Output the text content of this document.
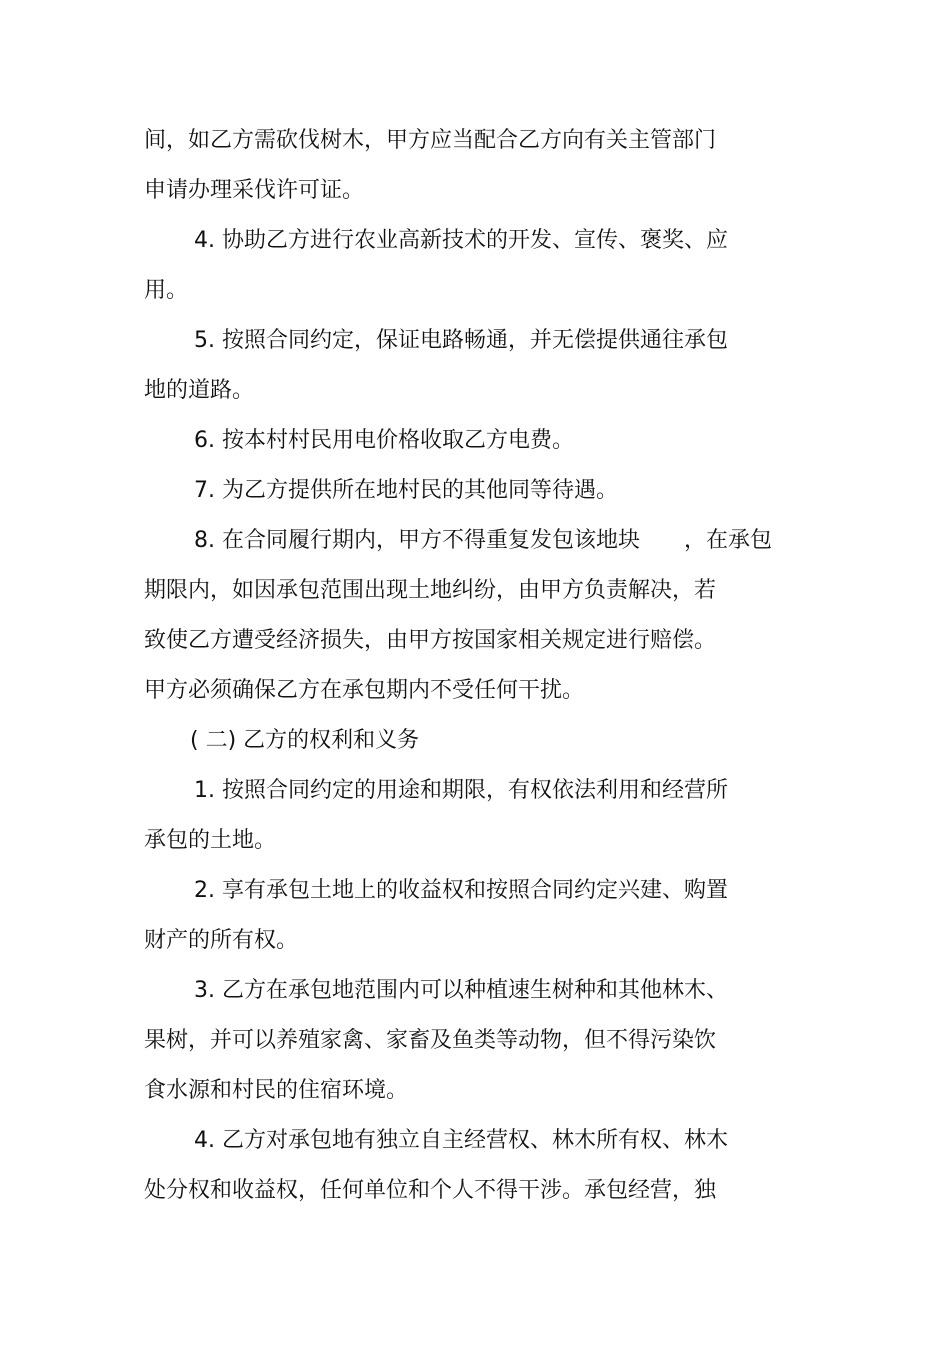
间，如乙方需砍伐树木，甲方应当配合乙方向有关主管部门
申请办理采伐许可证。
4. 协助乙方进行农业高新技术的开发、宣传、褒奖、应
用。
5. 按照合同约定，保证电路畅通，并无偿提供通往承包
地的道路。
6. 按本村村民用电价格收取乙方电费。
7. 为乙方提供所在地村民的其他同等待遇。
8. 在合同履行期内，甲方不得重复发包该地块　　，在承包
期限内，如因承包范围出现土地纠纷，由甲方负责解决，若
致使乙方遭受经济损失，由甲方按国家相关规定进行赔偿。
甲方必须确保乙方在承包期内不受任何干扰。
( 二) 乙方的权利和义务
1. 按照合同约定的用途和期限，有权依法利用和经营所
承包的土地。
2. 享有承包土地上的收益权和按照合同约定兴建、购置
财产的所有权。
3. 乙方在承包地范围内可以种植速生树种和其他林木、
果树，并可以养殖家禽、家畜及鱼类等动物，但不得污染饮
食水源和村民的住宿环境。
4. 乙方对承包地有独立自主经营权、林木所有权、林木
处分权和收益权，任何单位和个人不得干涉。承包经营，独
